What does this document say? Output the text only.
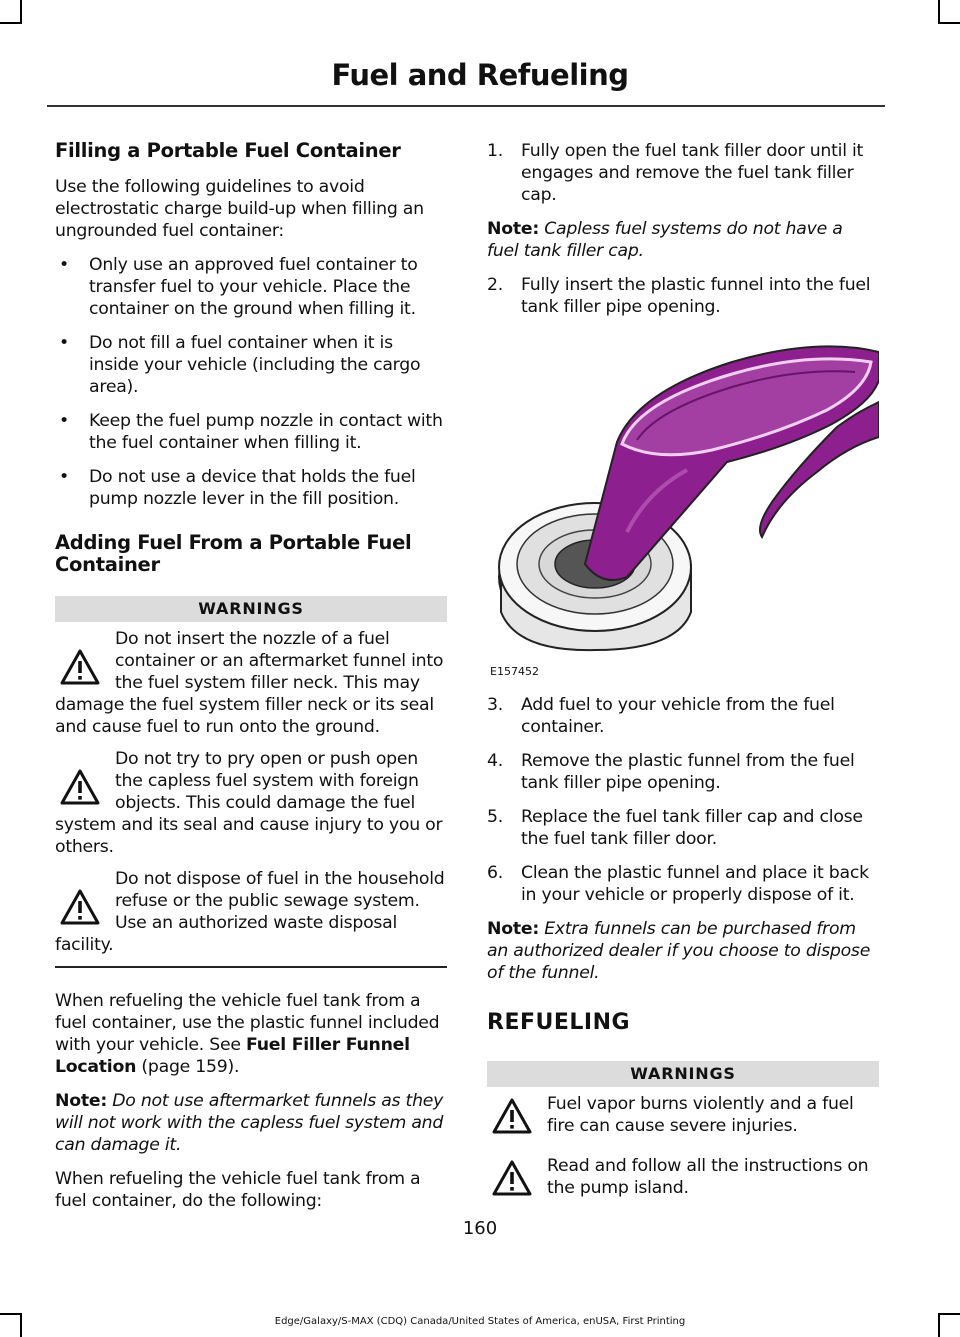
Fuel and Refueling
Filling a Portable Fuel Container

Use the following guidelines to avoid electrostatic charge build-up when filling an ungrounded fuel container:

• Only use an approved fuel container to transfer fuel to your vehicle. Place the container on the ground when filling it.
• Do not fill a fuel container when it is inside your vehicle (including the cargo area).
• Keep the fuel pump nozzle in contact with the fuel container when filling it.
• Do not use a device that holds the fuel pump nozzle lever in the fill position.
Adding Fuel From a Portable Fuel Container
WARNINGS

Do not insert the nozzle of a fuel container or an aftermarket funnel into the fuel system filler neck. This may damage the fuel system filler neck or its seal and cause fuel to run onto the ground.

Do not try to pry open or push open the capless fuel system with foreign objects. This could damage the fuel system and its seal and cause injury to you or others.

Do not dispose of fuel in the household refuse or the public sewage system. Use an authorized waste disposal facility.

When refueling the vehicle fuel tank from a fuel container, use the plastic funnel included with your vehicle. See Fuel Filler Funnel Location (page 159).

Note: Do not use aftermarket funnels as they will not work with the capless fuel system and can damage it.

When refueling the vehicle fuel tank from a fuel container, do the following:

1. Fully open the fuel tank filler door until it engages and remove the fuel tank filler cap.

Note: Capless fuel systems do not have a fuel tank filler cap.

2. Fully insert the plastic funnel into the fuel tank filler pipe opening.
E157452
3. Add fuel to your vehicle from the fuel container.
4. Remove the plastic funnel from the fuel tank filler pipe opening.
5. Replace the fuel tank filler cap and close the fuel tank filler door.
6. Clean the plastic funnel and place it back in your vehicle or properly dispose of it.

Note: Extra funnels can be purchased from an authorized dealer if you choose to dispose of the funnel.

REFUELING
WARNINGS

Fuel vapor burns violently and a fuel fire can cause severe injuries.

Read and follow all the instructions on the pump island.

160
Edge/Galaxy/S-MAX (CDQ) Canada/United States of America, enUSA, First Printing
